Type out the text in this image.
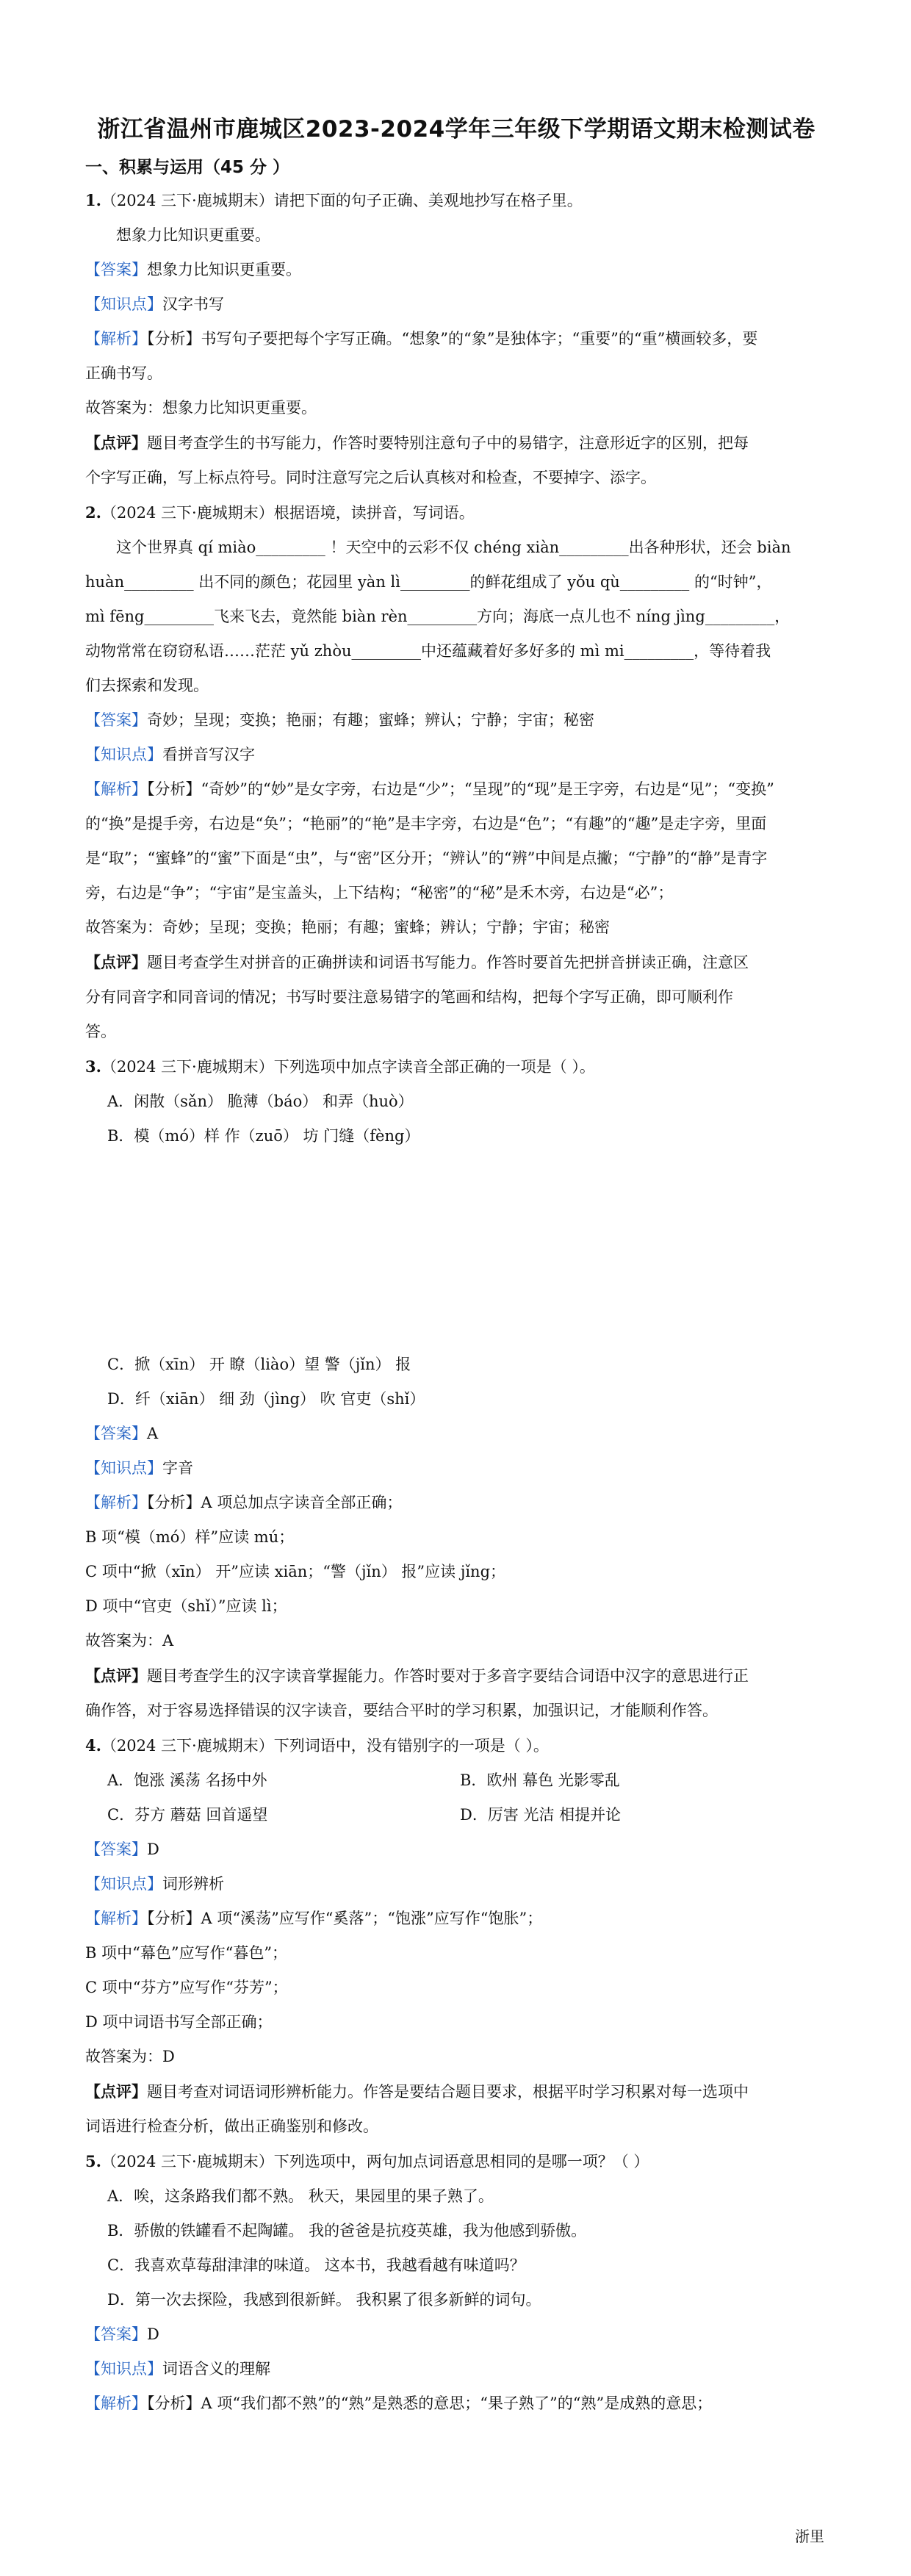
浙江省温州市鹿城区2023-2024学年三年级下学期语文期末检测试卷
一、积累与运用（45 分 ）
1.（2024 三下·鹿城期末）请把下面的句子正确、美观地抄写在格子里。
想象力比知识更重要。
【答案】想象力比知识更重要。
【知识点】汉字书写
【解析】【分析】书写句子要把每个字写正确。“想象”的“象”是独体字；“重要”的“重”横画较多，要
正确书写。
故答案为：想象力比知识更重要。
【点评】题目考查学生的书写能力，作答时要特别注意句子中的易错字，注意形近字的区别，把每
个字写正确，写上标点符号。同时注意写完之后认真核对和检查，不要掉字、添字。
2.（2024 三下·鹿城期末）根据语境，读拼音，写词语。
这个世界真 qí miào_________ ！天空中的云彩不仅 chéng xiàn_________出各种形状，还会 biàn
huàn_________ 出不同的颜色；花园里 yàn lì_________的鲜花组成了 yǒu qù_________ 的“时钟”，
mì fēng_________飞来飞去，竟然能 biàn rèn_________方向；海底一点儿也不 níng jìng_________，
动物常常在窃窃私语……茫茫 yǔ zhòu_________中还蕴藏着好多好多的 mì mi_________，等待着我
们去探索和发现。
【答案】奇妙；呈现；变换；艳丽；有趣；蜜蜂；辨认；宁静；宇宙；秘密
【知识点】看拼音写汉字
【解析】【分析】“奇妙”的“妙”是女字旁，右边是“少”；“呈现”的“现”是王字旁，右边是“见”；“变换”
的“换”是提手旁，右边是“奂”；“艳丽”的“艳”是丰字旁，右边是“色”；“有趣”的“趣”是走字旁，里面
是“取”；“蜜蜂”的“蜜”下面是“虫”，与“密”区分开；“辨认”的“辨”中间是点撇；“宁静”的“静”是青字
旁，右边是“争”；“宇宙”是宝盖头，上下结构；“秘密”的“秘”是禾木旁，右边是“必”；
故答案为：奇妙；呈现；变换；艳丽；有趣；蜜蜂；辨认；宁静；宇宙；秘密
【点评】题目考查学生对拼音的正确拼读和词语书写能力。作答时要首先把拼音拼读正确，注意区
分有同音字和同音词的情况；书写时要注意易错字的笔画和结构，把每个字写正确，即可顺利作
答。
3.（2024 三下·鹿城期末）下列选项中加点字读音全部正确的一项是（ ）。
A．闲散（sǎn） 脆薄（báo） 和弄（huò）
B．模（mó）样 作（zuō） 坊 门缝（fèng）
C．掀（xīn） 开 瞭（liào）望 警（jǐn） 报
D．纤（xiān） 细 劲（jìng） 吹 官吏（shǐ）
【答案】A
【知识点】字音
【解析】【分析】A 项总加点字读音全部正确；
B 项“模（mó）样”应读 mú；
C 项中“掀（xīn） 开”应读 xiān；“警（jǐn） 报”应读 jǐng；
D 项中“官吏（shǐ）”应读 lì；
故答案为：A
【点评】题目考查学生的汉字读音掌握能力。作答时要对于多音字要结合词语中汉字的意思进行正
确作答，对于容易选择错误的汉字读音，要结合平时的学习积累，加强识记，才能顺利作答。
4.（2024 三下·鹿城期末）下列词语中，没有错别字的一项是（ ）。
A．饱涨 溪荡 名扬中外	B．欧州 幕色 光影零乱
C．芬方 蘑菇 回首遥望	D．厉害 光洁 相提并论
【答案】D
【知识点】词形辨析
【解析】【分析】A 项“溪荡”应写作“奚落”；“饱涨”应写作“饱胀”；
B 项中“幕色”应写作“暮色”；
C 项中“芬方”应写作“芬芳”；
D 项中词语书写全部正确；
故答案为：D
【点评】题目考查对词语词形辨析能力。作答是要结合题目要求，根据平时学习积累对每一选项中
词语进行检查分析，做出正确鉴别和修改。
5.（2024 三下·鹿城期末）下列选项中，两句加点词语意思相同的是哪一项？（ ）
A．唉，这条路我们都不熟。 秋天，果园里的果子熟了。
B．骄傲的铁罐看不起陶罐。 我的爸爸是抗疫英雄，我为他感到骄傲。
C．我喜欢草莓甜津津的味道。 这本书，我越看越有味道吗？
D．第一次去探险，我感到很新鲜。 我积累了很多新鲜的词句。
【答案】D
【知识点】词语含义的理解
【解析】【分析】A 项“我们都不熟”的“熟”是熟悉的意思；“果子熟了”的“熟”是成熟的意思；
浙里
